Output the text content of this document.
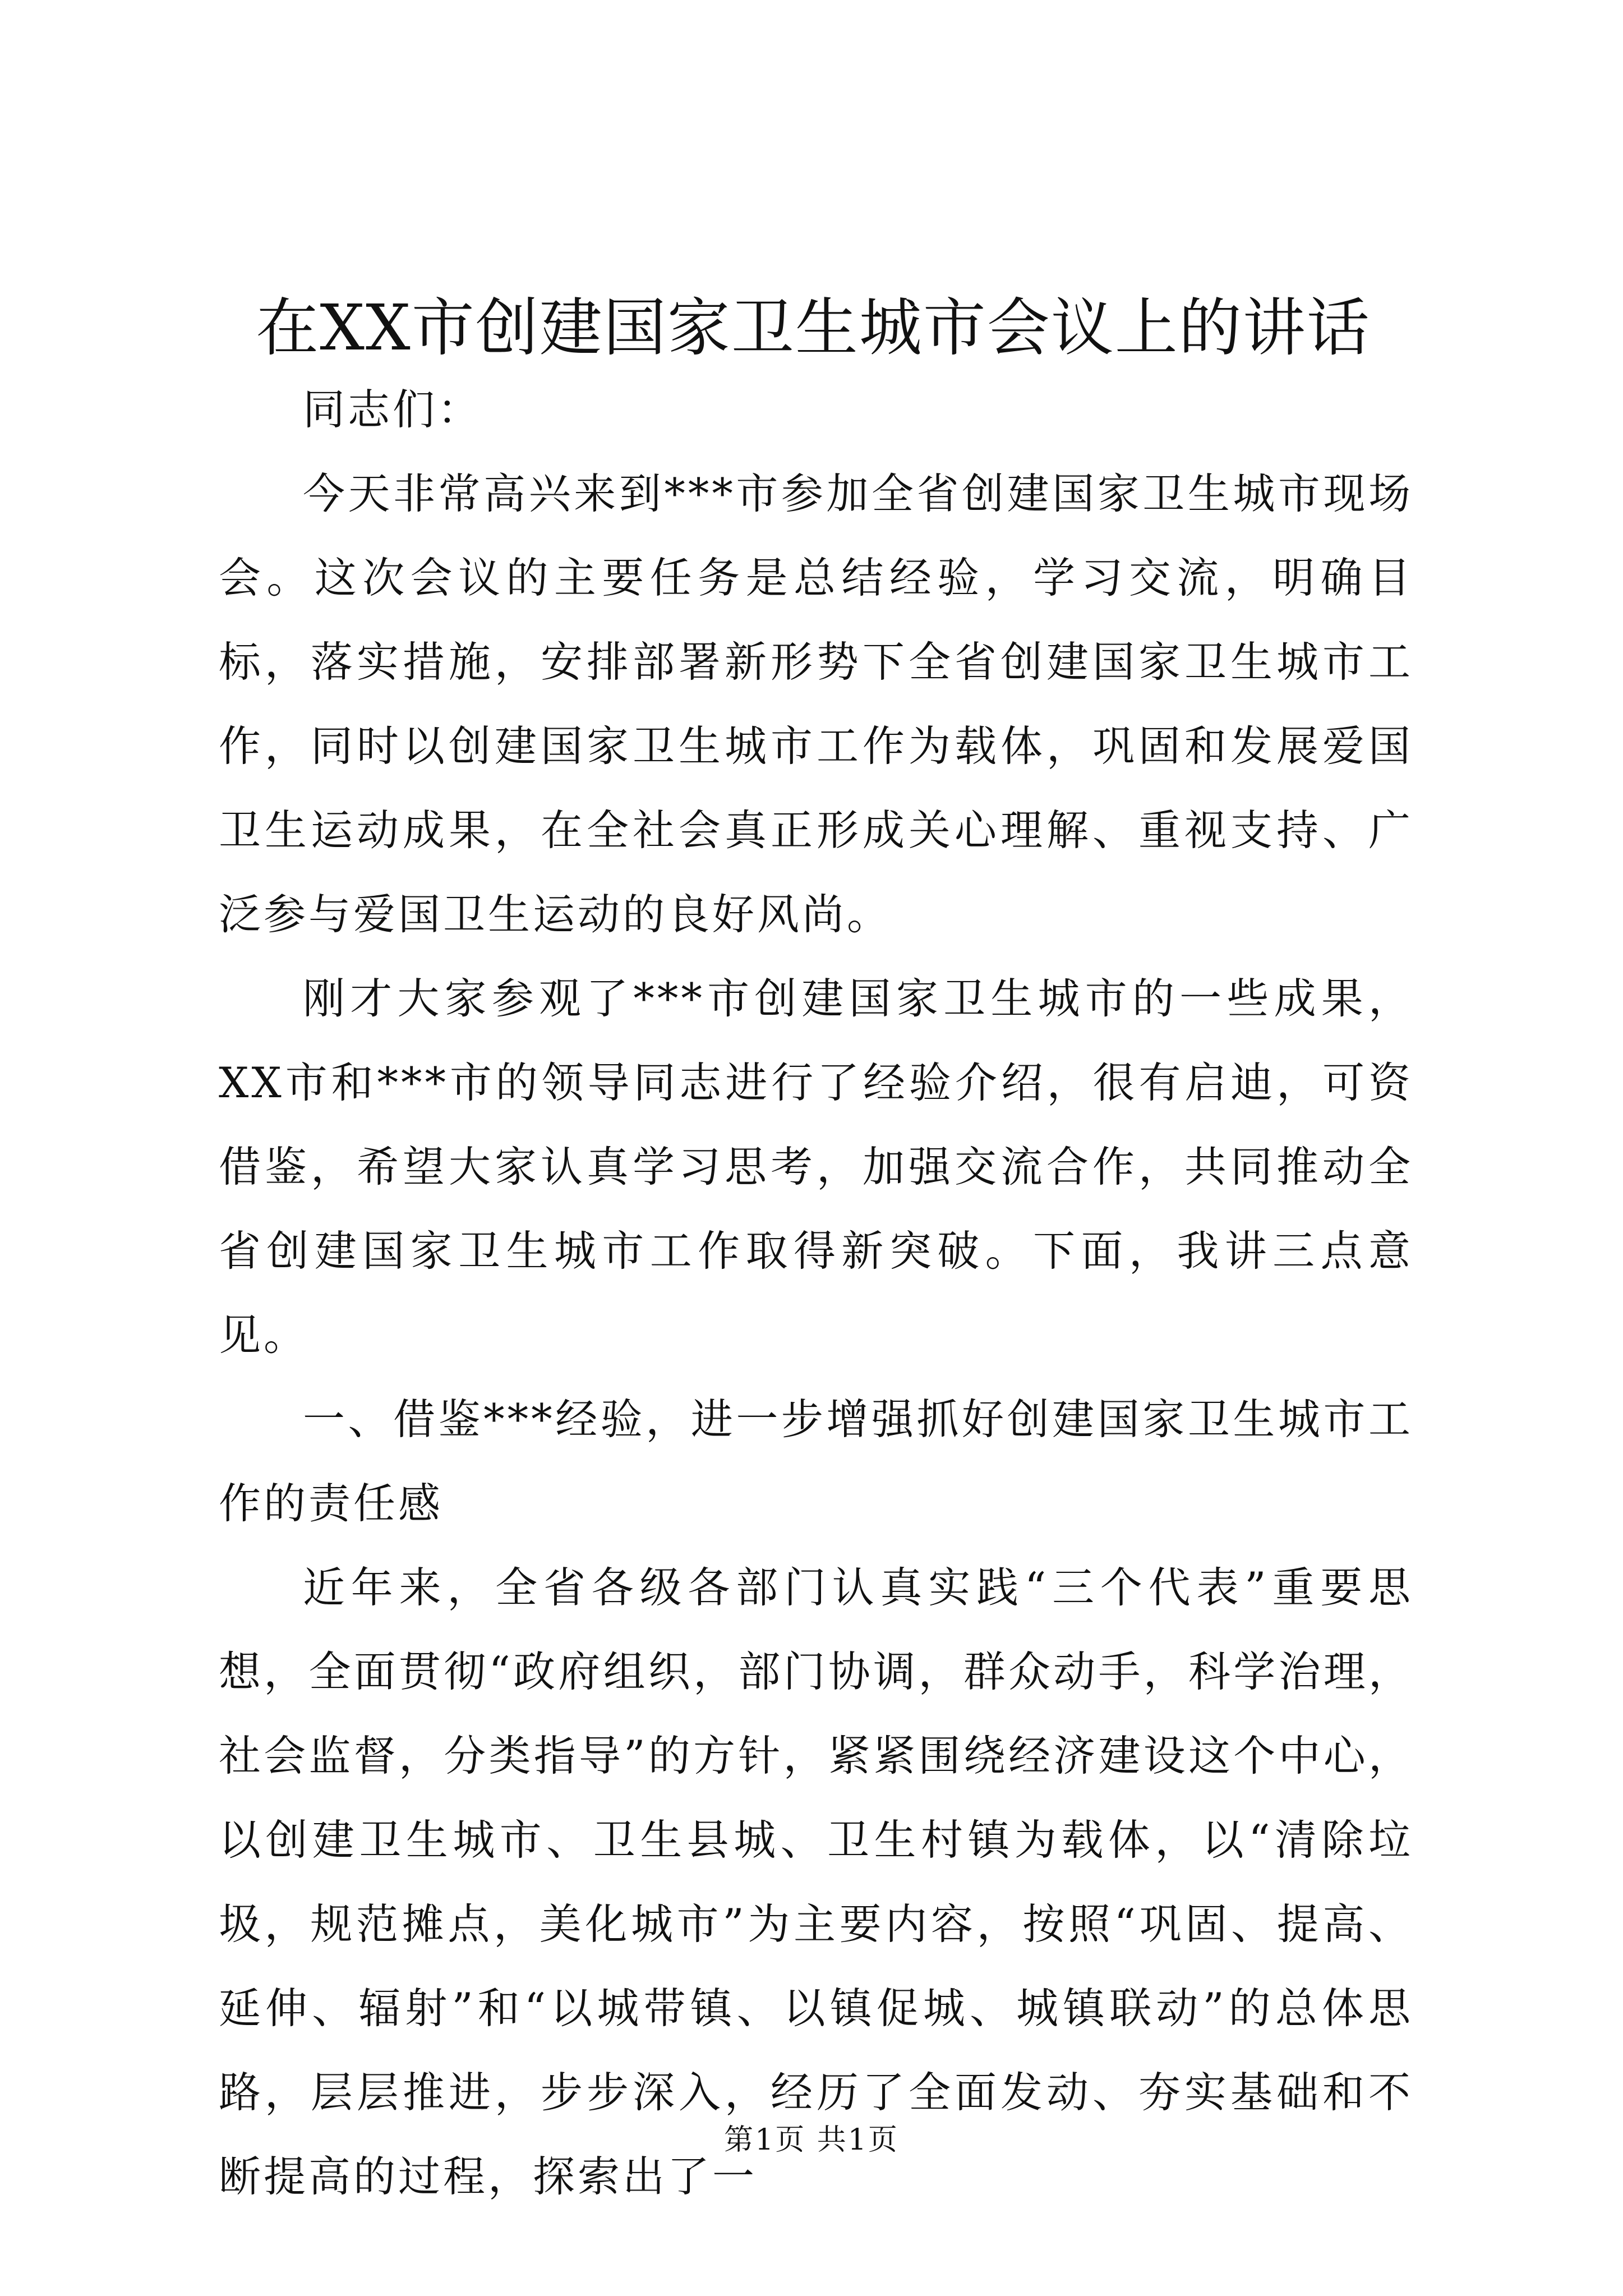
在XX市创建国家卫生城市会议上的讲话

同志们：

今天非常高兴来到***市参加全省创建国家卫生城市现场会。这次会议的主要任务是总结经验，学习交流，明确目标，落实措施，安排部署新形势下全省创建国家卫生城市工作，同时以创建国家卫生城市工作为载体，巩固和发展爱国卫生运动成果，在全社会真正形成关心理解、重视支持、广泛参与爱国卫生运动的良好风尚。

刚才大家参观了***市创建国家卫生城市的一些成果，XX市和***市的领导同志进行了经验介绍，很有启迪，可资借鉴，希望大家认真学习思考，加强交流合作，共同推动全省创建国家卫生城市工作取得新突破。下面，我讲三点意见。

一、借鉴***经验，进一步增强抓好创建国家卫生城市工作的责任感

近年来，全省各级各部门认真实践“三个代表”重要思想，全面贯彻“政府组织，部门协调，群众动手，科学治理，社会监督，分类指导”的方针，紧紧围绕经济建设这个中心，以创建卫生城市、卫生县城、卫生村镇为载体，以“清除垃圾，规范摊点，美化城市”为主要内容，按照“巩固、提高、延伸、辐射”和“以城带镇、以镇促城、城镇联动”的总体思路，层层推进，步步深入，经历了全面发动、夯实基础和不断提高的过程，探索出了一

第1页 共1页
